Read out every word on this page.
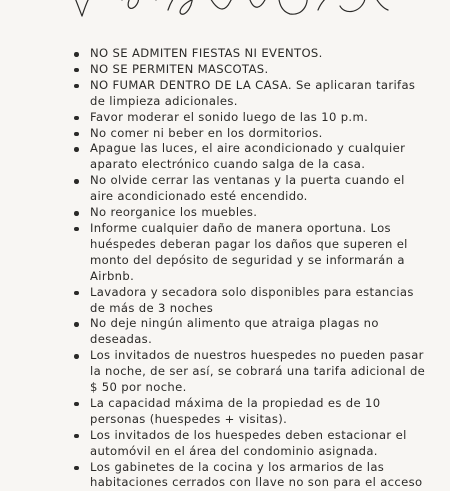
NO SE ADMITEN FIESTAS NI EVENTOS.
NO SE PERMITEN MASCOTAS.
NO FUMAR DENTRO DE LA CASA. Se aplicaran tarifas
de limpieza adicionales.
Favor moderar el sonido luego de las 10 p.m.
No comer ni beber en los dormitorios.
Apague las luces, el aire acondicionado y cualquier
aparato electrónico cuando salga de la casa.
No olvide cerrar las ventanas y la puerta cuando el
aire acondicionado esté encendido.
No reorganice los muebles.
Informe cualquier daño de manera oportuna. Los
huéspedes deberan pagar los daños que superen el
monto del depósito de seguridad y se informarán a
Airbnb.
Lavadora y secadora solo disponibles para estancias
de más de 3 noches
No deje ningún alimento que atraiga plagas no
deseadas.
Los invitados de nuestros huespedes no pueden pasar
la noche, de ser así, se cobrará una tarifa adicional de
$ 50 por noche.
La capacidad máxima de la propiedad es de 10
personas (huespedes + visitas).
Los invitados de los huespedes deben estacionar el
automóvil en el área del condominio asignada.
Los gabinetes de la cocina y los armarios de las
habitaciones cerrados con llave no son para el acceso
